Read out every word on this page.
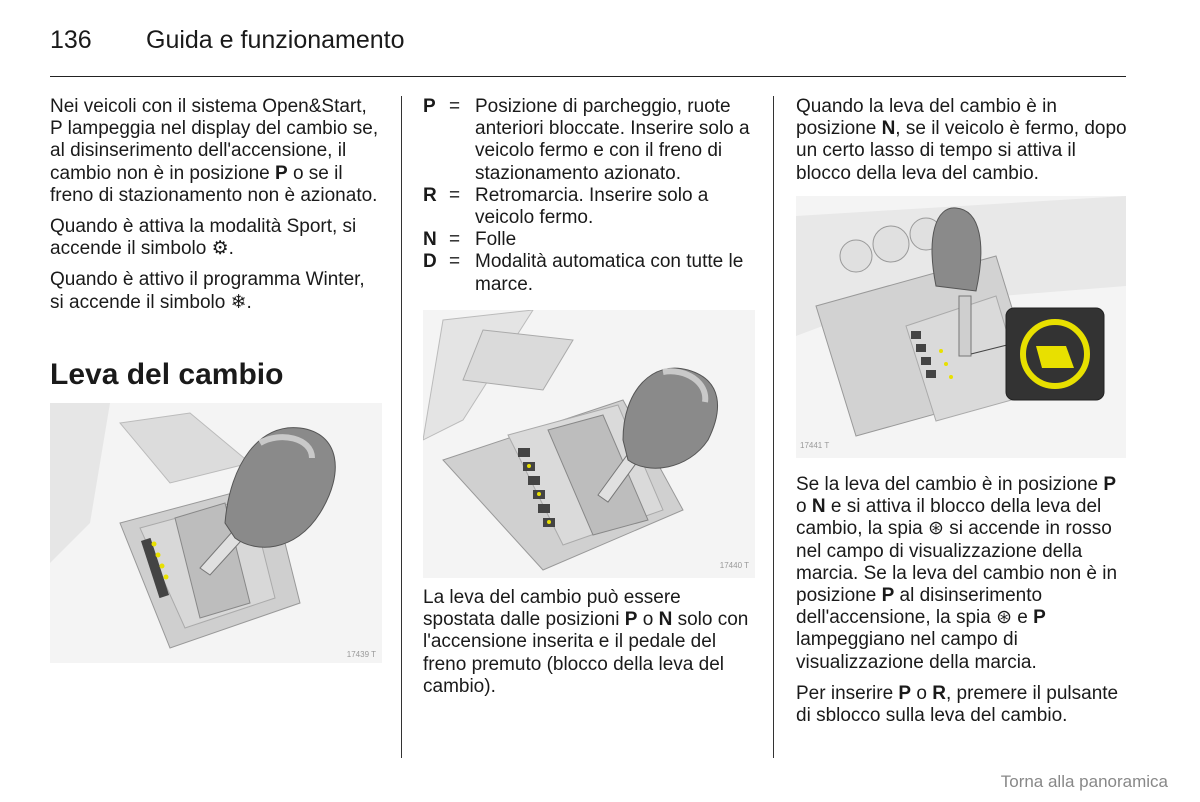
136 Guida e funzionamento

Nei veicoli con il sistema Open&Start, P lampeggia nel display del cambio se, al disinserimento dell'accensione, il cambio non è in posizione P o se il freno di stazionamento non è azionato.

Quando è attiva la modalità Sport, si accende il simbolo ⚙.

Quando è attivo il programma Winter, si accende il simbolo ❄.

Leva del cambio
17439 T
P = Posizione di parcheggio, ruote anteriori bloccate. Inserire solo a veicolo fermo e con il freno di stazionamento azionato.
R = Retromarcia. Inserire solo a veicolo fermo.
N = Folle
D = Modalità automatica con tutte le marce.
17440 T

La leva del cambio può essere spostata dalle posizioni P o N solo con l'accensione inserita e il pedale del freno premuto (blocco della leva del cambio).

Quando la leva del cambio è in posizione N, se il veicolo è fermo, dopo un certo lasso di tempo si attiva il blocco della leva del cambio.

17441 T

Se la leva del cambio è in posizione P o N e si attiva il blocco della leva del cambio, la spia ⊛ si accende in rosso nel campo di visualizzazione della marcia. Se la leva del cambio non è in posizione P al disinserimento dell'accensione, la spia ⊛ e P lampeggiano nel campo di visualizzazione della marcia.

Per inserire P o R, premere il pulsante di sblocco sulla leva del cambio.

Torna alla panoramica
